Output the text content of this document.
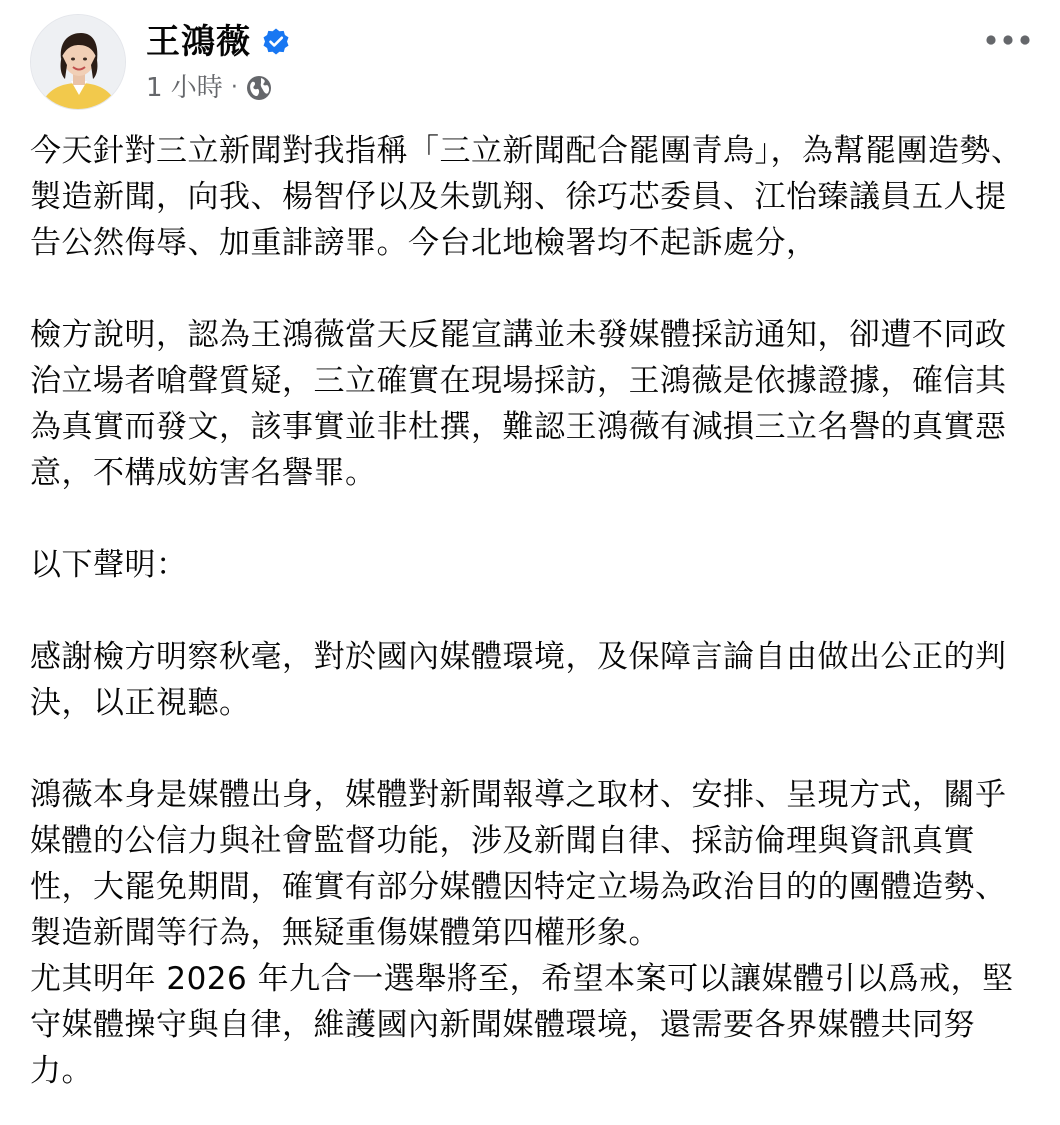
王鴻薇
1 小時 ·

今天針對三立新聞對我指稱「三立新聞配合罷團青鳥」，為幫罷團造勢、製造新聞，向我、楊智伃以及朱凱翔、徐巧芯委員、江怡臻議員五人提告公然侮辱、加重誹謗罪。今台北地檢署均不起訴處分，

檢方說明，認為王鴻薇當天反罷宣講並未發媒體採訪通知，卻遭不同政治立場者嗆聲質疑，三立確實在現場採訪，王鴻薇是依據證據，確信其為真實而發文，該事實並非杜撰，難認王鴻薇有減損三立名譽的真實惡意，不構成妨害名譽罪。

以下聲明：

感謝檢方明察秋毫，對於國內媒體環境，及保障言論自由做出公正的判決，以正視聽。

鴻薇本身是媒體出身，媒體對新聞報導之取材、安排、呈現方式，關乎媒體的公信力與社會監督功能，涉及新聞自律、採訪倫理與資訊真實性，大罷免期間，確實有部分媒體因特定立場為政治目的的團體造勢、製造新聞等行為，無疑重傷媒體第四權形象。

尤其明年 2026 年九合一選舉將至，希望本案可以讓媒體引以爲戒，堅守媒體操守與自律，維護國內新聞媒體環境，還需要各界媒體共同努力。
